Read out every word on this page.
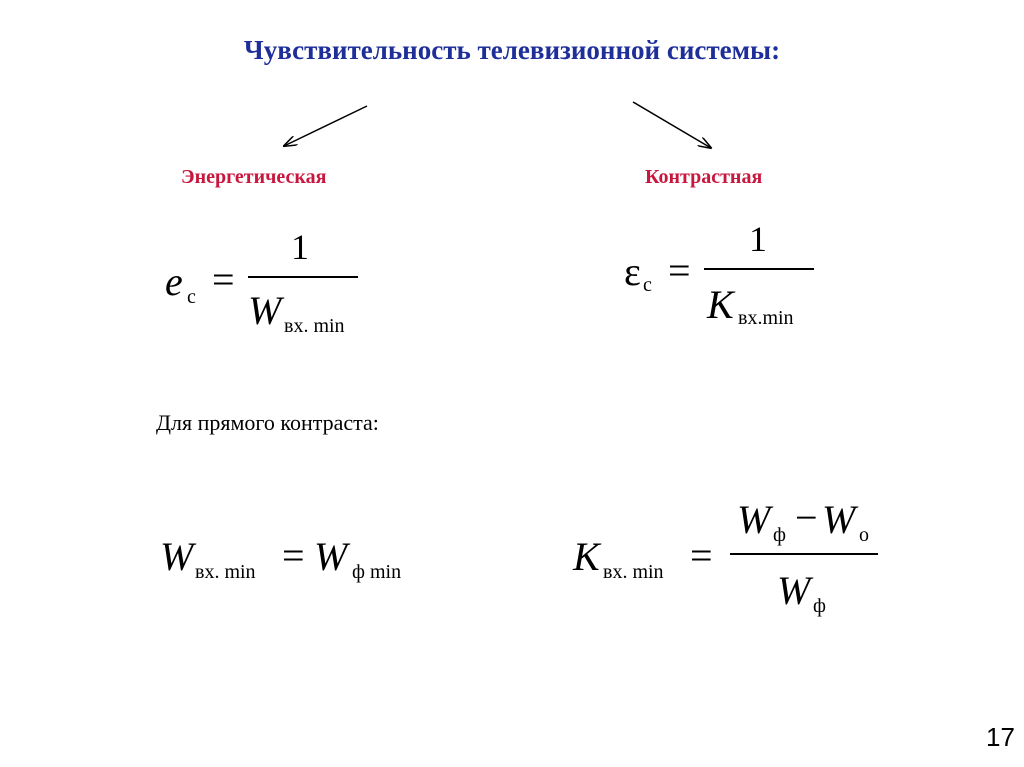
Чувствительность телевизионной системы:
Энергетическая	Контрастная
e с =
1
W вх. min
ε с =
1
K вх.min
Для прямого контраста:
W вх. min = W ф min	K вх. min =
W ф − W о
W ф
17
